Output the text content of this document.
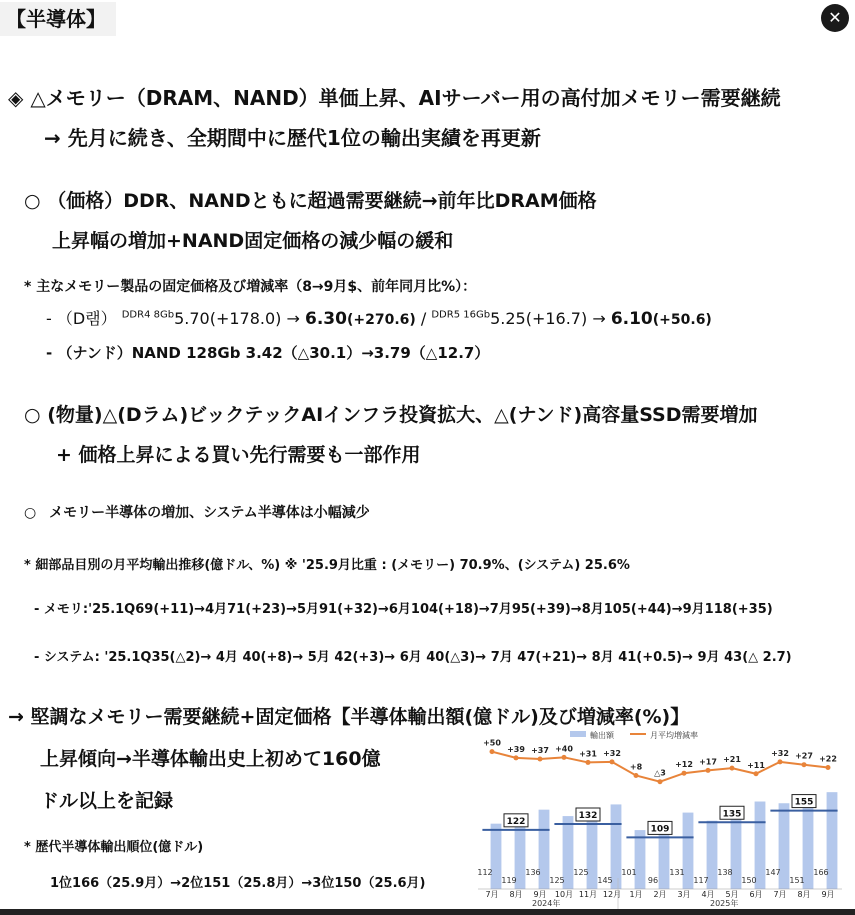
【半導体】	✕
◈ △メモリー（DRAM、NAND）単価上昇、AIサーバー用の高付加メモリー需要継続
→ 先月に続き、全期間中に歴代1位の輸出実績を再更新
○ （価格）DDR、NANDともに超過需要継続→前年比DRAM価格
上昇幅の増加+NAND固定価格の減少幅の緩和
* 主なメモリー製品の固定価格及び増減率（8→9月$、前年同月比%）：
- （D램） $^{DDR4 8Gb}$5.70(+178.0) → 6.30(+270.6) / $^{DDR5 16Gb}$5.25(+16.7) → 6.10(+50.6)
- （ナンド）NAND 128Gb 3.42（△30.1）→3.79（△12.7）
○ (物量)△(Dラム)ビックテックAIインフラ投資拡大、△(ナンド)高容量SSD需要増加
+ 価格上昇による買い先行需要も一部作用
○ メモリー半導体の増加、システム半導体は小幅減少
* 細部品目別の月平均輸出推移(億ドル、%) ※ '25.9月比重 : (メモリー) 70.9%、(システム) 25.6%
- メモリ:'25.1Q69(+11)→4月71(+23)→5月91(+32)→6月104(+18)→7月95(+39)→8月105(+44)→9月118(+35)
- システム: '25.1Q35(△2)→ 4月 40(+8)→ 5月 42(+3)→ 6月 40(△3)→ 7月 47(+21)→ 8月 41(+0.5)→ 9月 43(△ 2.7)
→ 堅調なメモリー需要継続+固定価格【半導体輸出額(億ドル)及び増減率(%)】
上昇傾向→半導体輸出史上初めて160億
ドル以上を記録
* 歴代半導体輸出順位(億ドル)
1位166（25.9月）→2位151（25.8月）→3位150（25.6月)
輸出額	月平均増減率
112
119
136
125
125
145
101
96
131
117
138
150
147
151
166
122
132
109
135
155
+50
+39 +37 +40
+31 +32
+8
△3
+12 +17 +21
+11
+32 +27 +22
7月 8月 9月 10月 11月 12月 1月 2月 3月 4月 5月 6月 7月 8月 9月
2024年	2025年
